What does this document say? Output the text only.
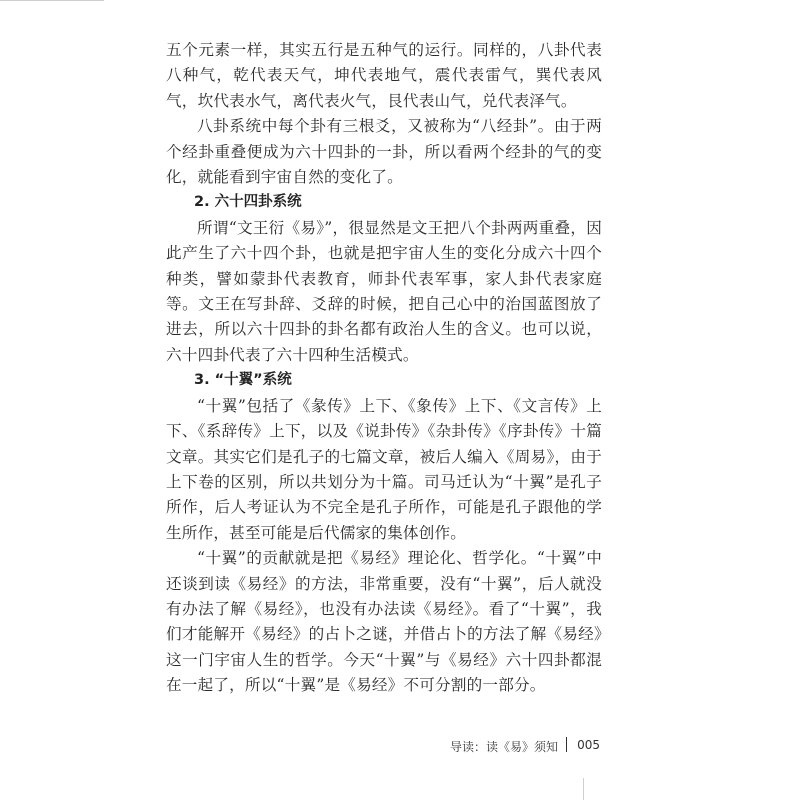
五个元素一样，其实五行是五种气的运行。同样的，八卦代表八种气，乾代表天气，坤代表地气，震代表雷气，巽代表风气，坎代表水气，离代表火气，艮代表山气，兑代表泽气。

八卦系统中每个卦有三根爻，又被称为“八经卦”。由于两个经卦重叠便成为六十四卦的一卦，所以看两个经卦的气的变化，就能看到宇宙自然的变化了。

2. 六十四卦系统

所谓“文王衍《易》”，很显然是文王把八个卦两两重叠，因此产生了六十四个卦，也就是把宇宙人生的变化分成六十四个种类，譬如蒙卦代表教育，师卦代表军事，家人卦代表家庭等。文王在写卦辞、爻辞的时候，把自己心中的治国蓝图放了进去，所以六十四卦的卦名都有政治人生的含义。也可以说，六十四卦代表了六十四种生活模式。

3. “十翼”系统

“十翼”包括了《彖传》上下、《象传》上下、《文言传》上下、《系辞传》上下，以及《说卦传》《杂卦传》《序卦传》十篇文章。其实它们是孔子的七篇文章，被后人编入《周易》，由于上下卷的区别，所以共划分为十篇。司马迁认为“十翼”是孔子所作，后人考证认为不完全是孔子所作，可能是孔子跟他的学生所作，甚至可能是后代儒家的集体创作。

“十翼”的贡献就是把《易经》理论化、哲学化。“十翼”中还谈到读《易经》的方法，非常重要，没有“十翼”，后人就没有办法了解《易经》，也没有办法读《易经》。看了“十翼”，我们才能解开《易经》的占卜之谜，并借占卜的方法了解《易经》这一门宇宙人生的哲学。今天“十翼”与《易经》六十四卦都混在一起了，所以“十翼”是《易经》不可分割的一部分。

导读：读《易》须知 005
